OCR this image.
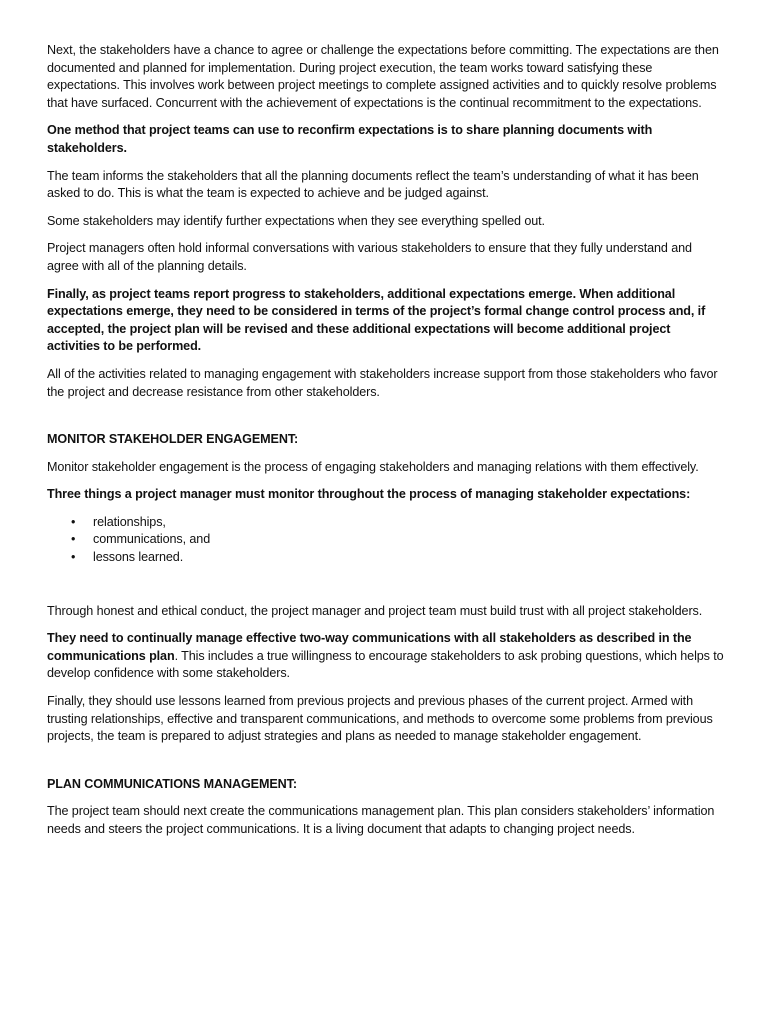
Next, the stakeholders have a chance to agree or challenge the expectations before committing. The expectations are then documented and planned for implementation. During project execution, the team works toward satisfying these expectations. This involves work between project meetings to complete assigned activities and to quickly resolve problems that have surfaced. Concurrent with the achievement of expectations is the continual recommitment to the expectations.

One method that project teams can use to reconfirm expectations is to share planning documents with stakeholders.

The team informs the stakeholders that all the planning documents reflect the team’s understanding of what it has been asked to do. This is what the team is expected to achieve and be judged against.

Some stakeholders may identify further expectations when they see everything spelled out.

Project managers often hold informal conversations with various stakeholders to ensure that they fully understand and agree with all of the planning details.

Finally, as project teams report progress to stakeholders, additional expectations emerge. When additional expectations emerge, they need to be considered in terms of the project’s formal change control process and, if accepted, the project plan will be revised and these additional expectations will become additional project activities to be performed.

All of the activities related to managing engagement with stakeholders increase support from those stakeholders who favor the project and decrease resistance from other stakeholders.

MONITOR STAKEHOLDER ENGAGEMENT:

Monitor stakeholder engagement is the process of engaging stakeholders and managing relations with them effectively.

Three things a project manager must monitor throughout the process of managing stakeholder expectations:

• relationships,
• communications, and
• lessons learned.

Through honest and ethical conduct, the project manager and project team must build trust with all project stakeholders.

They need to continually manage effective two-way communications with all stakeholders as described in the communications plan. This includes a true willingness to encourage stakeholders to ask probing questions, which helps to develop confidence with some stakeholders.

Finally, they should use lessons learned from previous projects and previous phases of the current project. Armed with trusting relationships, effective and transparent communications, and methods to overcome some problems from previous projects, the team is prepared to adjust strategies and plans as needed to manage stakeholder engagement.

PLAN COMMUNICATIONS MANAGEMENT:

The project team should next create the communications management plan. This plan considers stakeholders’ information needs and steers the project communications. It is a living document that adapts to changing project needs.
